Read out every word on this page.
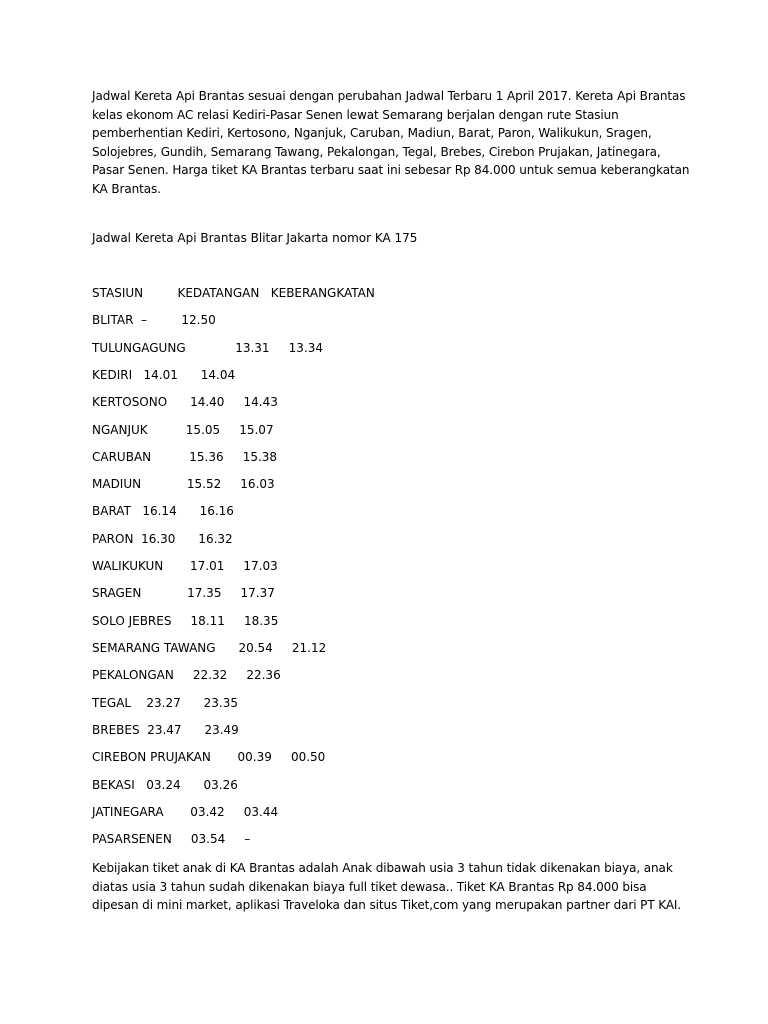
Jadwal Kereta Api Brantas sesuai dengan perubahan Jadwal Terbaru 1 April 2017. Kereta Api Brantas kelas ekonom AC relasi Kediri-Pasar Senen lewat Semarang berjalan dengan rute Stasiun pemberhentian Kediri, Kertosono, Nganjuk, Caruban, Madiun, Barat, Paron, Walikukun, Sragen, Solojebres, Gundih, Semarang Tawang, Pekalongan, Tegal, Brebes, Cirebon Prujakan, Jatinegara, Pasar Senen. Harga tiket KA Brantas terbaru saat ini sebesar Rp 84.000 untuk semua keberangkatan KA Brantas.
Jadwal Kereta Api Brantas Blitar Jakarta nomor KA 175
STASIUN         KEDATANGAN   KEBERANGKATAN
BLITAR  –         12.50
TULUNGAGUNG             13.31     13.34
KEDIRI   14.01      14.04
KERTOSONO      14.40     14.43
NGANJUK          15.05     15.07
CARUBAN          15.36     15.38
MADIUN            15.52     16.03
BARAT   16.14      16.16
PARON  16.30      16.32
WALIKUKUN       17.01     17.03
SRAGEN            17.35     17.37
SOLO JEBRES     18.11     18.35
SEMARANG TAWANG      20.54     21.12
PEKALONGAN     22.32     22.36
TEGAL    23.27      23.35
BREBES  23.47      23.49
CIREBON PRUJAKAN       00.39     00.50
BEKASI   03.24      03.26
JATINEGARA       03.42     03.44
PASARSENEN     03.54     –
Kebijakan tiket anak di KA Brantas adalah Anak dibawah usia 3 tahun tidak dikenakan biaya, anak diatas usia 3 tahun sudah dikenakan biaya full tiket dewasa.. Tiket KA Brantas Rp 84.000 bisa dipesan di mini market, aplikasi Traveloka dan situs Tiket,com yang merupakan partner dari PT KAI.
